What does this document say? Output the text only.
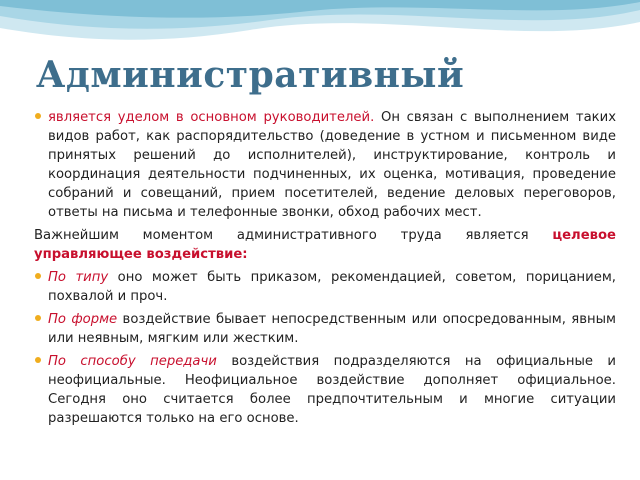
Административный
является уделом в основном руководителей. Он связан с выполнением таких видов работ, как распорядительство (доведение в устном и письменном виде принятых решений до исполнителей), инструктирование, контроль и координация деятельности подчиненных, их оценка, мотивация, проведение собраний и совещаний, прием посетителей, ведение деловых переговоров, ответы на письма и телефонные звонки, обход рабочих мест.
Важнейшим моментом административного труда является целевое управляющее воздействие:
По типу оно может быть приказом, рекомендацией, советом, порицанием, похвалой и проч.
По форме воздействие бывает непосредственным или опосредованным, явным или неявным, мягким или жестким.
По способу передачи воздействия подразделяются на официальные и неофициальные. Неофициальное воздействие дополняет официальное. Сегодня оно считается более предпочтительным и многие ситуации разрешаются только на его основе.
